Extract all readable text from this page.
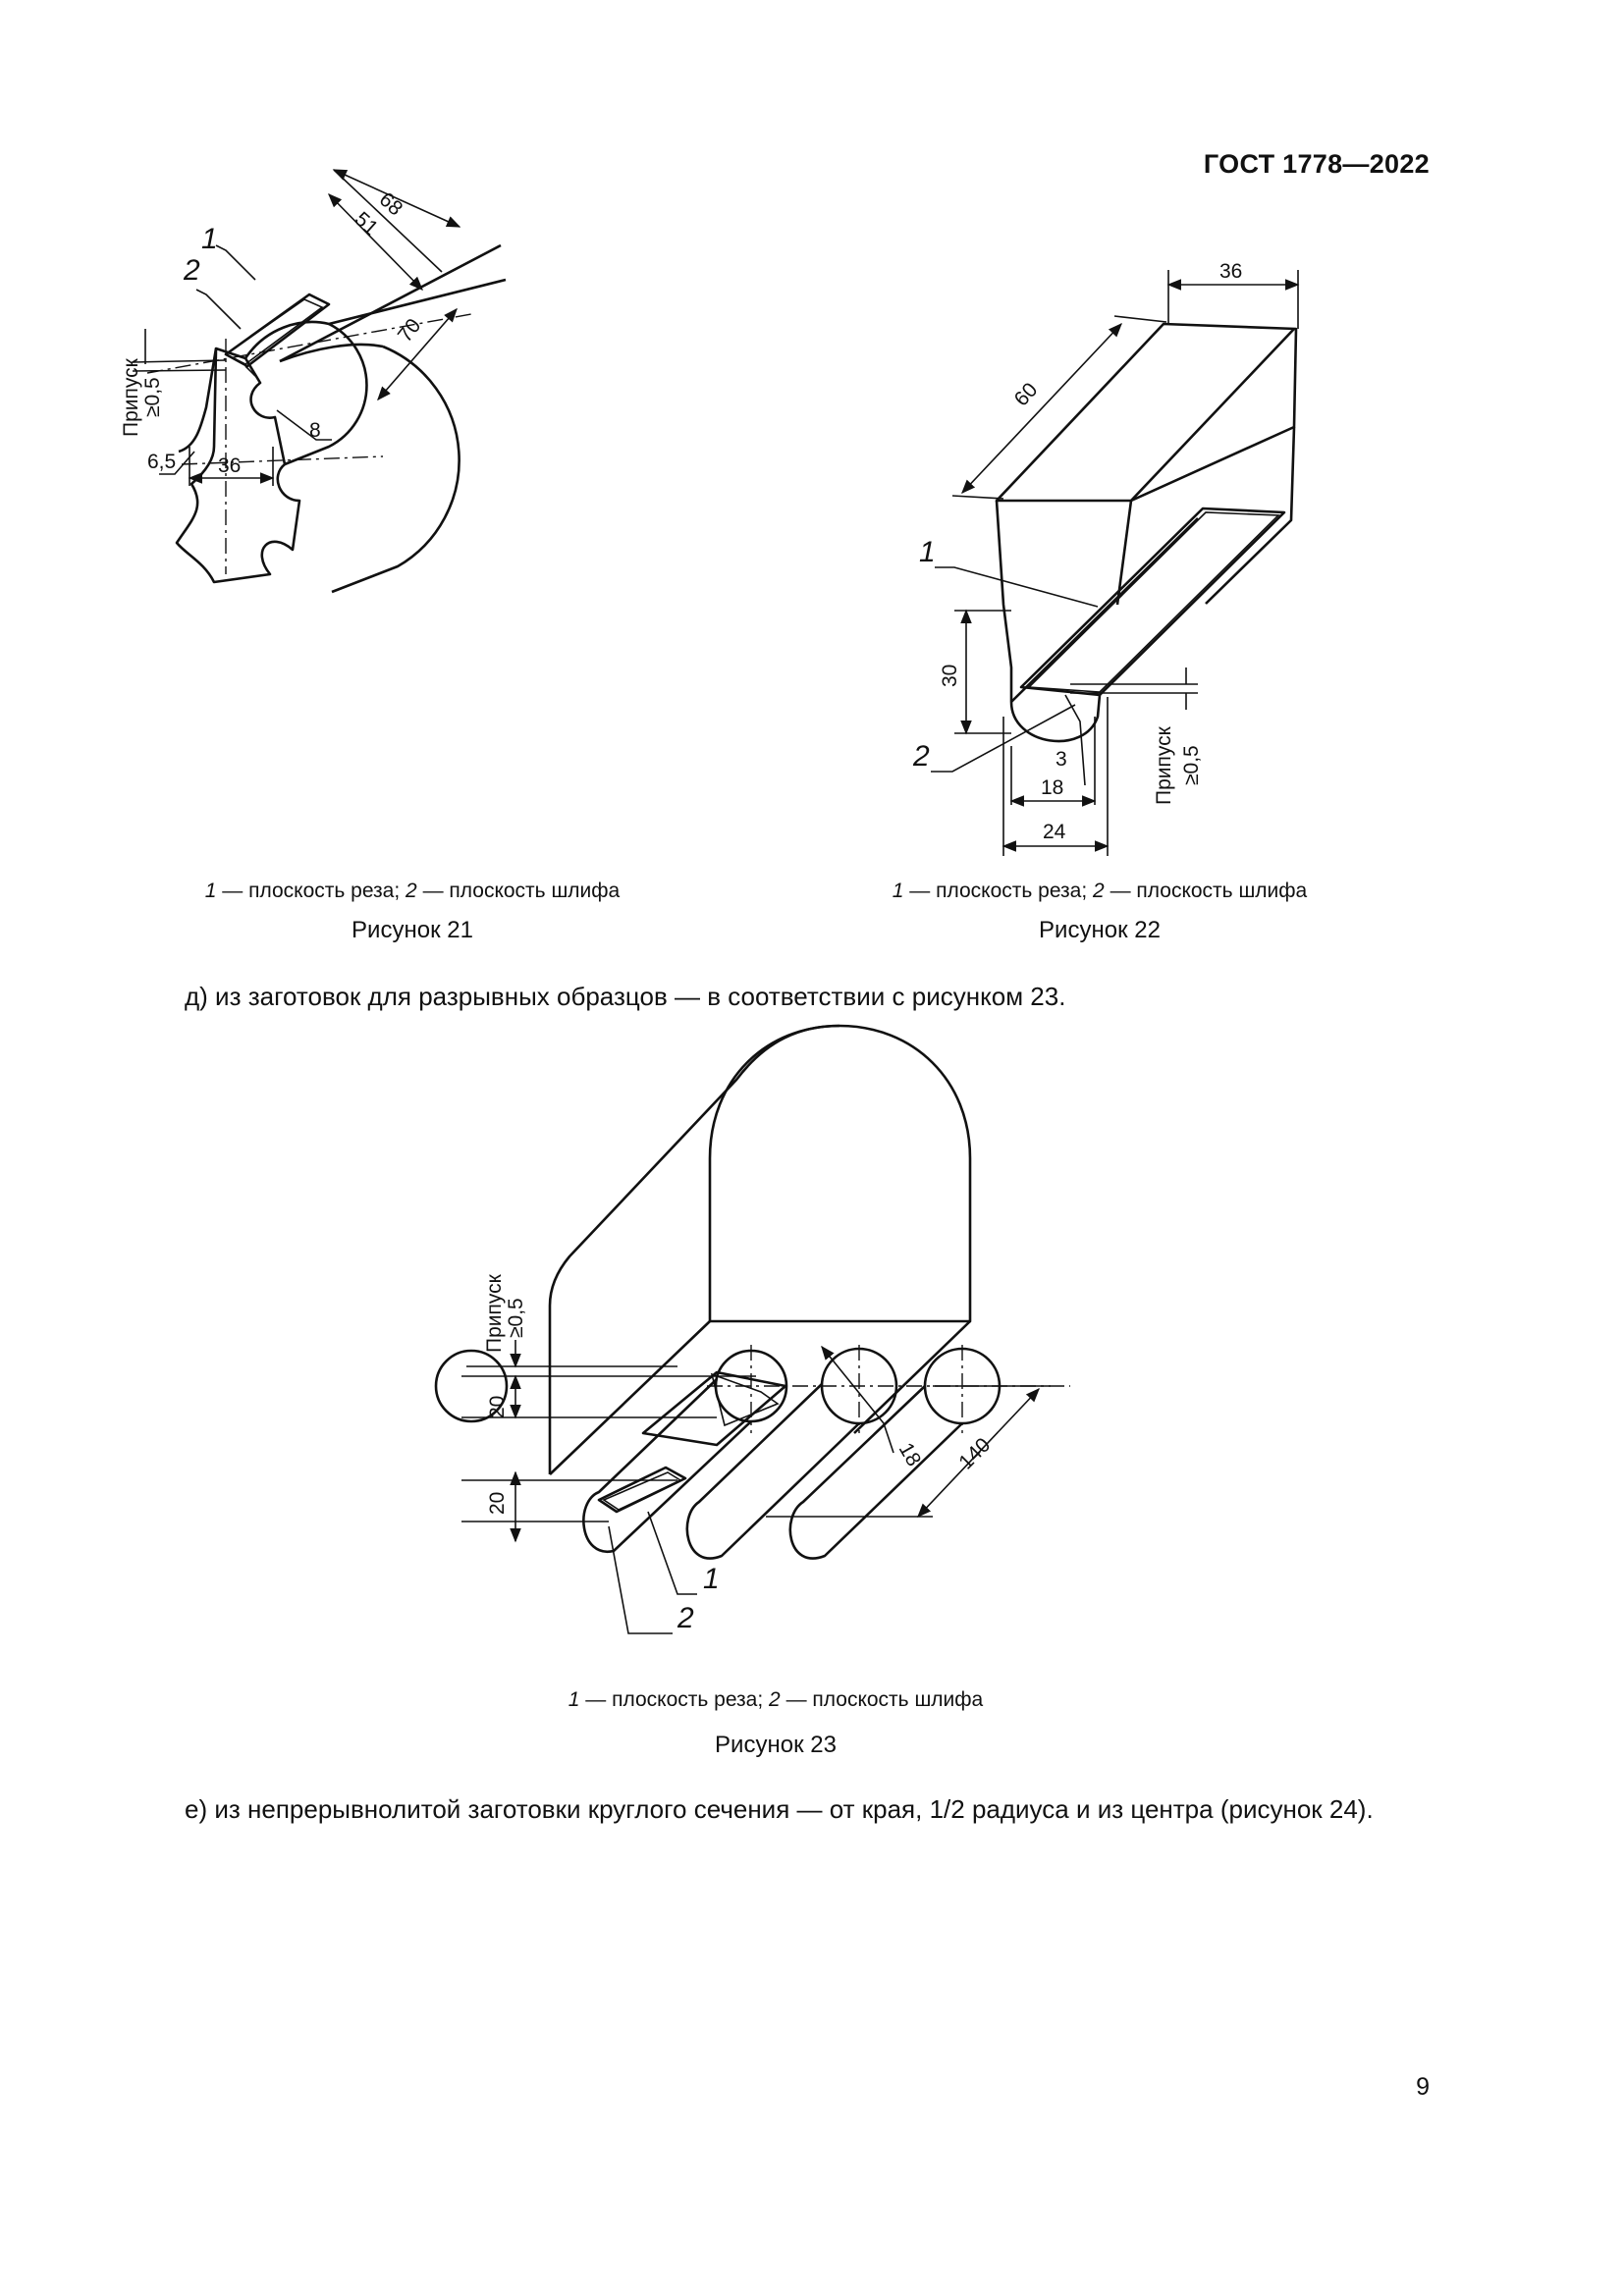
ГОСТ 1778—2022
68
51
70
36
8
6,5
Припуск ≥0,5
1
2	36
60
30
3
18
24
Припуск ≥0,5
1
2
1 — плоскость реза; 2 — плоскость шлифа
Рисунок 21
1 — плоскость реза; 2 — плоскость шлифа
Рисунок 22
д) из заготовок для разрывных образцов — в соответствии с рисунком 23.
20
20
Припуск ≥0,5
18 140
1
2
1 — плоскость реза; 2 — плоскость шлифа
Рисунок 23
е) из непрерывнолитой заготовки круглого сечения — от края, 1/2 радиуса и из центра (рисунок 24).
9
